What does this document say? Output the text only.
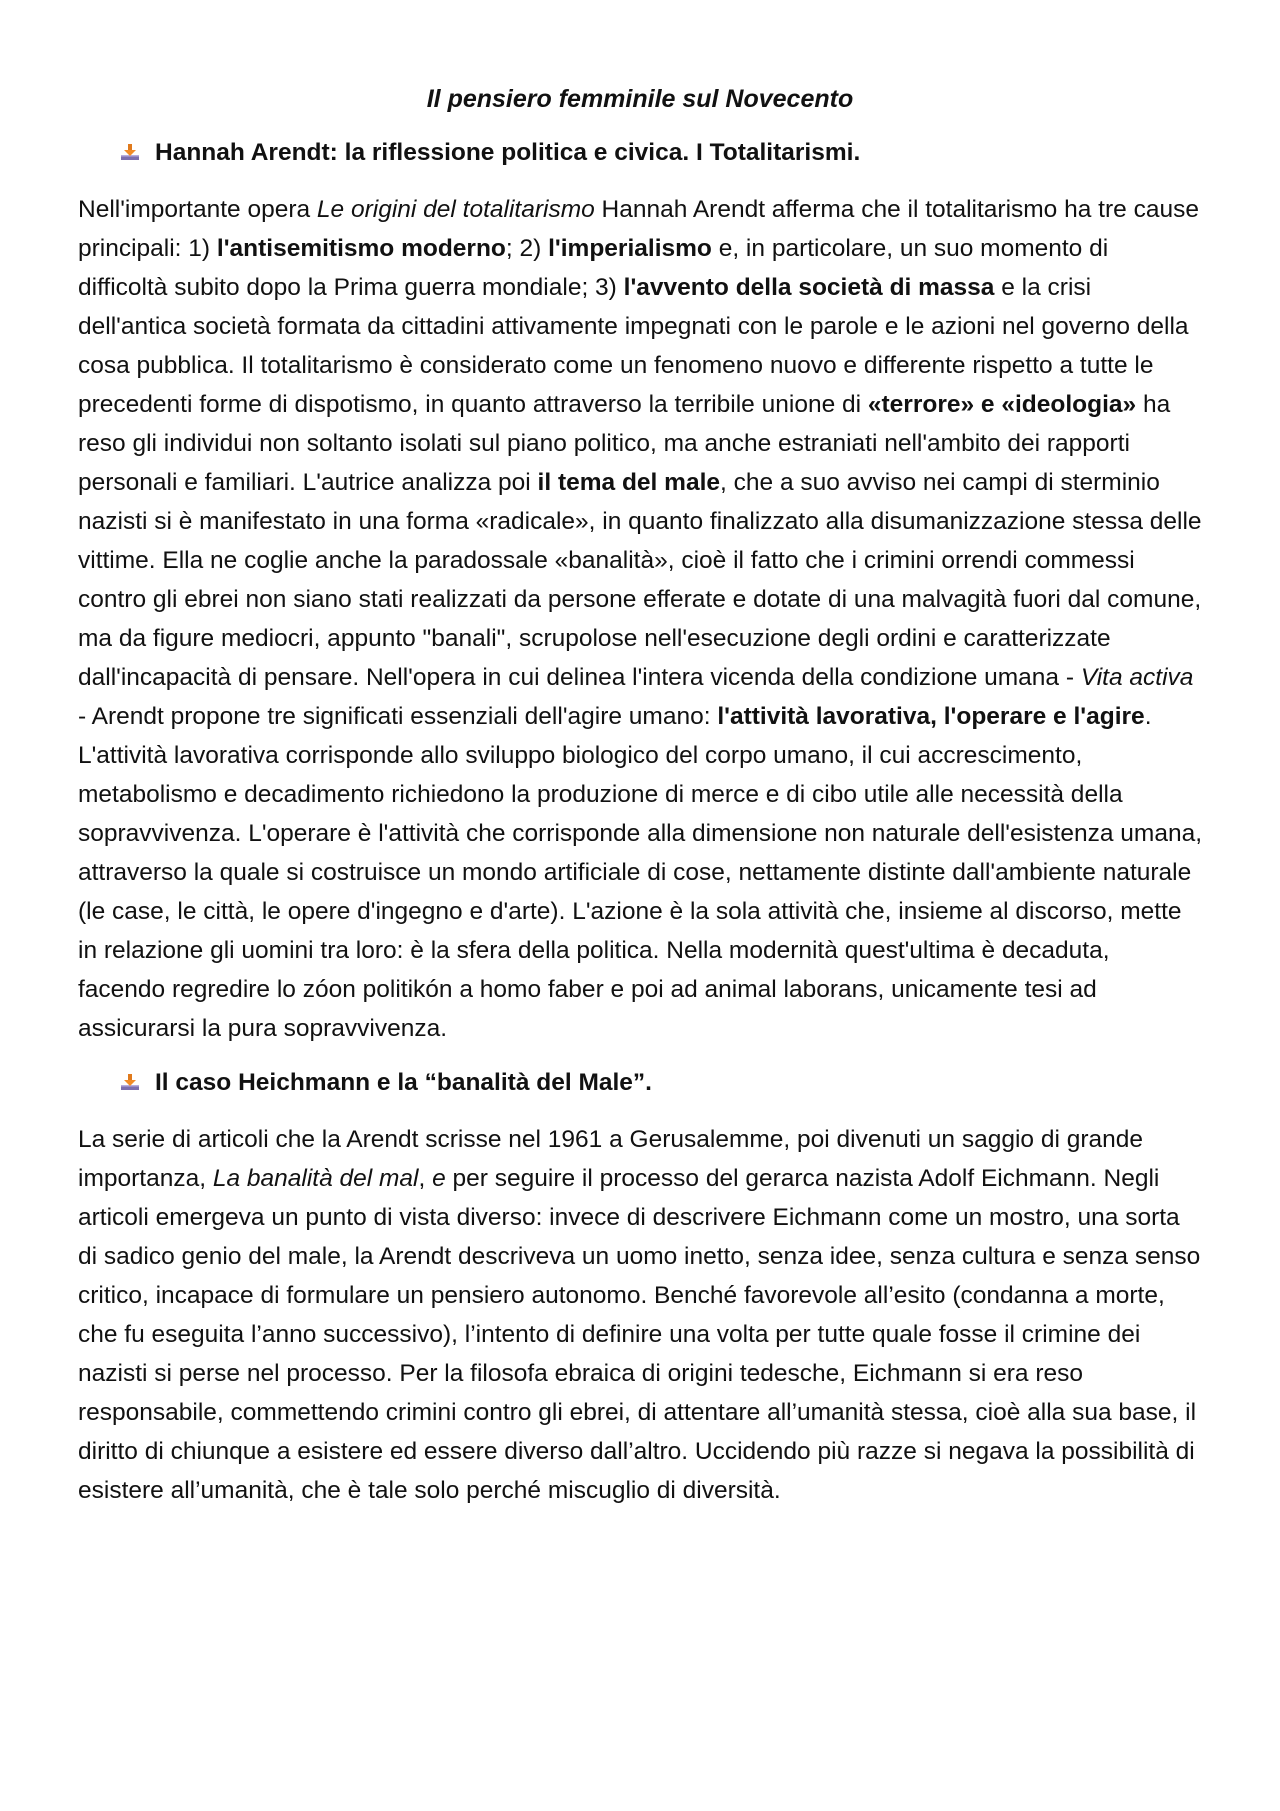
Il pensiero femminile sul Novecento
Hannah Arendt: la riflessione politica e civica. I Totalitarismi.

Nell'importante opera Le origini del totalitarismo Hannah Arendt afferma che il totalitarismo ha tre cause principali: 1) l'antisemitismo moderno; 2) l'imperialismo e, in particolare, un suo momento di difficoltà subito dopo la Prima guerra mondiale; 3) l'avvento della società di massa e la crisi dell'antica società formata da cittadini attivamente impegnati con le parole e le azioni nel governo della cosa pubblica. Il totalitarismo è considerato come un fenomeno nuovo e differente rispetto a tutte le precedenti forme di dispotismo, in quanto attraverso la terribile unione di «terrore» e «ideologia» ha reso gli individui non soltanto isolati sul piano politico, ma anche estraniati nell'ambito dei rapporti personali e familiari. L'autrice analizza poi il tema del male, che a suo avviso nei campi di sterminio nazisti si è manifestato in una forma «radicale», in quanto finalizzato alla disumanizzazione stessa delle vittime. Ella ne coglie anche la paradossale «banalità», cioè il fatto che i crimini orrendi commessi contro gli ebrei non siano stati realizzati da persone efferate e dotate di una malvagità fuori dal comune, ma da figure mediocri, appunto "banali", scrupolose nell'esecuzione degli ordini e caratterizzate dall'incapacità di pensare. Nell'opera in cui delinea l'intera vicenda della condizione umana - Vita activa - Arendt propone tre significati essenziali dell'agire umano: l'attività lavorativa, l'operare e l'agire. L'attività lavorativa corrisponde allo sviluppo biologico del corpo umano, il cui accrescimento, metabolismo e decadimento richiedono la produzione di merce e di cibo utile alle necessità della sopravvivenza. L'operare è l'attività che corrisponde alla dimensione non naturale dell'esistenza umana, attraverso la quale si costruisce un mondo artificiale di cose, nettamente distinte dall'ambiente naturale (le case, le città, le opere d'ingegno e d'arte). L'azione è la sola attività che, insieme al discorso, mette in relazione gli uomini tra loro: è la sfera della politica. Nella modernità quest'ultima è decaduta, facendo regredire lo zóon politikón a homo faber e poi ad animal laborans, unicamente tesi ad assicurarsi la pura sopravvivenza.

Il caso Heichmann e la “banalità del Male”.

La serie di articoli che la Arendt scrisse nel 1961 a Gerusalemme, poi divenuti un saggio di grande importanza, La banalità del mal, e per seguire il processo del gerarca nazista Adolf Eichmann. Negli articoli emergeva un punto di vista diverso: invece di descrivere Eichmann come un mostro, una sorta di sadico genio del male, la Arendt descriveva un uomo inetto, senza idee, senza cultura e senza senso critico, incapace di formulare un pensiero autonomo. Benché favorevole all’esito (condanna a morte, che fu eseguita l’anno successivo), l’intento di definire una volta per tutte quale fosse il crimine dei nazisti si perse nel processo. Per la filosofa ebraica di origini tedesche, Eichmann si era reso responsabile, commettendo crimini contro gli ebrei, di attentare all’umanità stessa, cioè alla sua base, il diritto di chiunque a esistere ed essere diverso dall’altro. Uccidendo più razze si negava la possibilità di esistere all’umanità, che è tale solo perché miscuglio di diversità.
